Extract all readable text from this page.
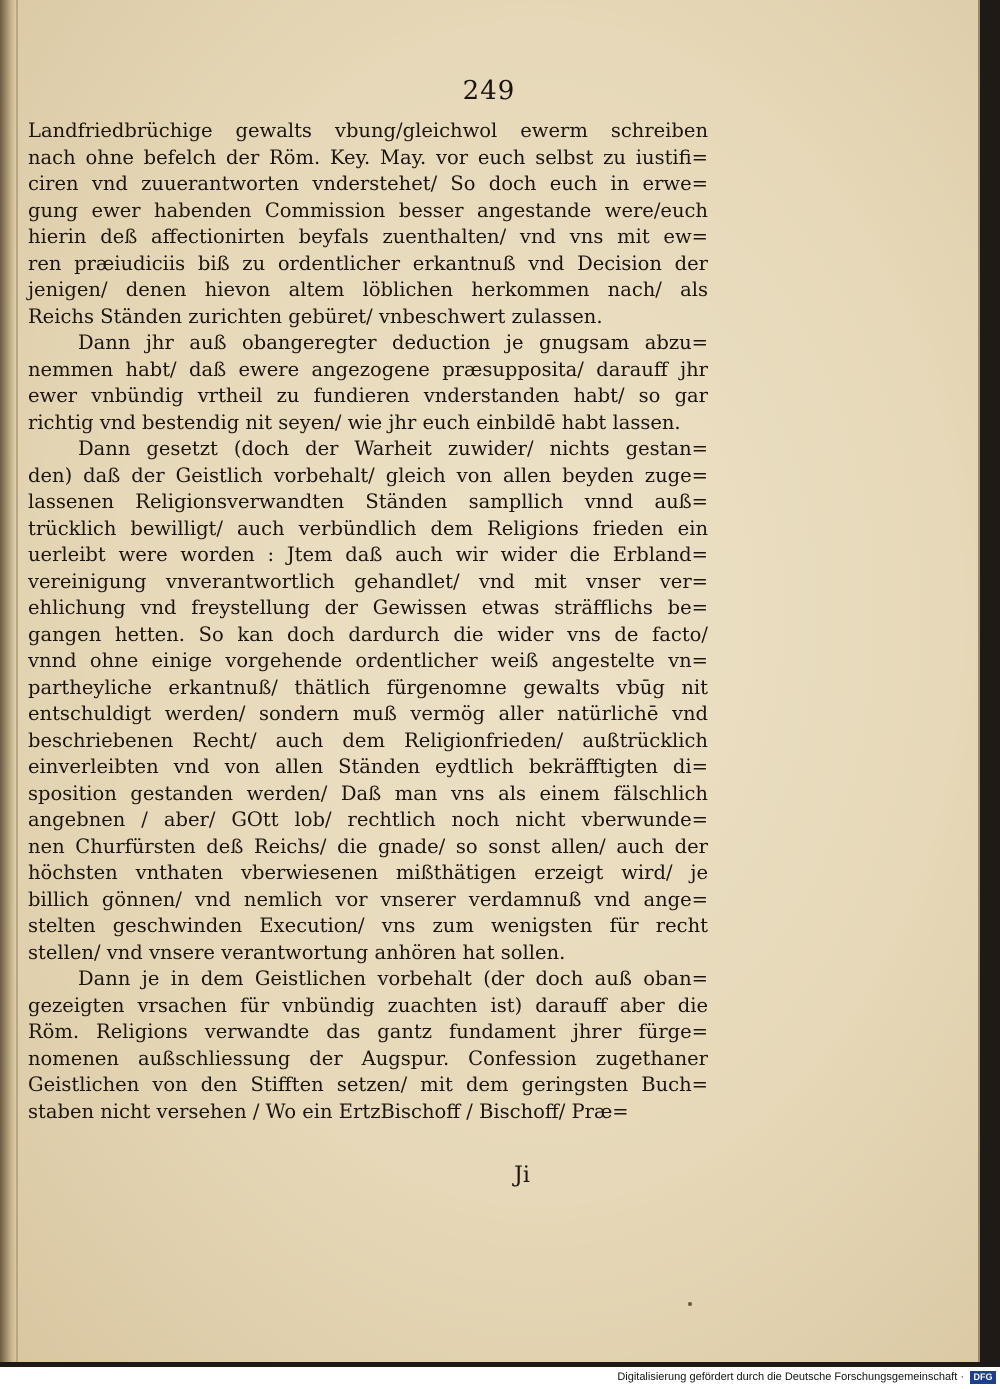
249
Landfriedbrüchige gewalts vbung/gleichwol ewerm schreiben
nach ohne befelch der Röm. Key. May. vor euch selbst zu iustifi=
ciren vnd zuuerantworten vnderstehet/ So doch euch in erwe=
gung ewer habenden Commission besser angestande were/euch
hierin deß affectionirten beyfals zuenthalten/ vnd vns mit ew=
ren præiudiciis biß zu ordentlicher erkantnuß vnd Decision der
jenigen/ denen hievon altem löblichen herkommen nach/ als
Reichs Ständen zurichten gebüret/ vnbeschwert zulassen.
Dann jhr auß obangeregter deduction je gnugsam abzu=
nemmen habt/ daß ewere angezogene præsupposita/ darauff jhr
ewer vnbündig vrtheil zu fundieren vnderstanden habt/ so gar
richtig vnd bestendig nit seyen/ wie jhr euch einbildē habt lassen.
Dann gesetzt (doch der Warheit zuwider/ nichts gestan=
den) daß der Geistlich vorbehalt/ gleich von allen beyden zuge=
lassenen Religionsverwandten Ständen sampllich vnnd auß=
trücklich bewilligt/ auch verbündlich dem Religions frieden ein
uerleibt were worden : Jtem daß auch wir wider die Erbland=
vereinigung vnverantwortlich gehandlet/ vnd mit vnser ver=
ehlichung vnd freystellung der Gewissen etwas sträfflichs be=
gangen hetten. So kan doch dardurch die wider vns de facto/
vnnd ohne einige vorgehende ordentlicher weiß angestelte vn=
partheyliche erkantnuß/ thätlich fürgenomne gewalts vbūg nit
entschuldigt werden/ sondern muß vermög aller natürlichē vnd
beschriebenen Recht/ auch dem Religionfrieden/ außtrücklich
einverleibten vnd von allen Ständen eydtlich bekräfftigten di=
sposition gestanden werden/ Daß man vns als einem fälschlich
angebnen / aber/ GOtt lob/ rechtlich noch nicht vberwunde=
nen Churfürsten deß Reichs/ die gnade/ so sonst allen/ auch der
höchsten vnthaten vberwiesenen mißthätigen erzeigt wird/ je
billich gönnen/ vnd nemlich vor vnserer verdamnuß vnd ange=
stelten geschwinden Execution/ vns zum wenigsten für recht
stellen/ vnd vnsere verantwortung anhören hat sollen.
Dann je in dem Geistlichen vorbehalt (der doch auß oban=
gezeigten vrsachen für vnbündig zuachten ist) darauff aber die
Röm. Religions verwandte das gantz fundament jhrer fürge=
nomenen außschliessung der Augspur. Confession zugethaner
Geistlichen von den Stifften setzen/ mit dem geringsten Buch=
staben nicht versehen / Wo ein ErtzBischoff / Bischoff/ Præ=
Ji
Digitalisierung gefördert durch die Deutsche Forschungsgemeinschaft ·	DFG
